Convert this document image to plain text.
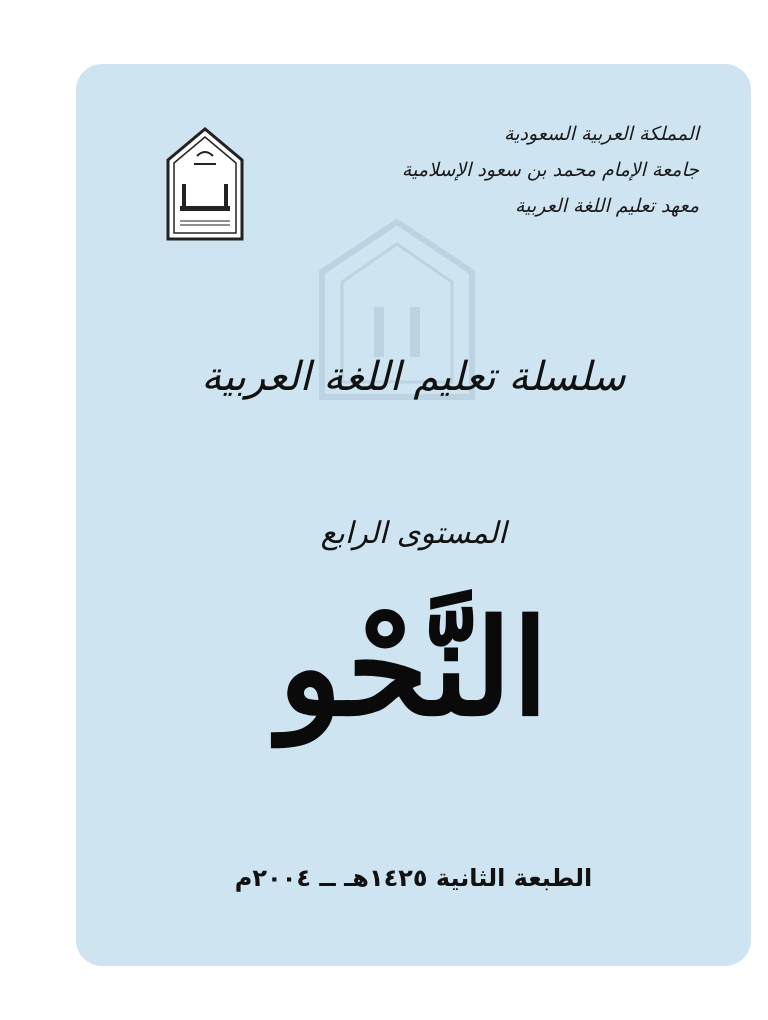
المملكة العربية السعودية
جامعة الإمام محمد بن سعود الإسلامية
معهد تعليم اللغة العربية
سلسلة تعليم اللغة العربية
المستوى الرابع
النَّحْو
الطبعة الثانية ١٤٢٥هـ ــ ٢٠٠٤م
